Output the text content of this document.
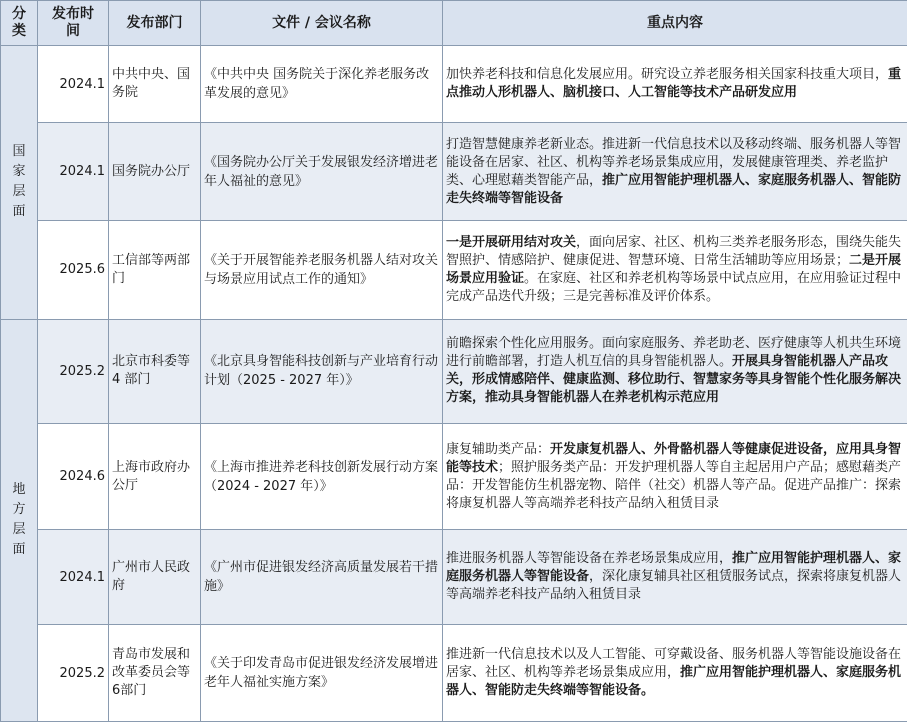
分类	发布时间	发布部门	文件 / 会议名称	重点内容
国家层面	2024.1	中共中央、国务院	《中共中央 国务院关于深化养老服务改革发展的意见》	加快养老科技和信息化发展应用。研究设立养老服务相关国家科技重大项目，重点推动人形机器人、脑机接口、人工智能等技术产品研发应用
	2024.1	国务院办公厅	《国务院办公厅关于发展银发经济增进老年人福祉的意见》	打造智慧健康养老新业态。推进新一代信息技术以及移动终端、服务机器人等智能设备在居家、社区、机构等养老场景集成应用，发展健康管理类、养老监护类、心理慰藉类智能产品，推广应用智能护理机器人、家庭服务机器人、智能防走失终端等智能设备
	2025.6	工信部等两部门	《关于开展智能养老服务机器人结对攻关与场景应用试点工作的通知》	一是开展研用结对攻关，面向居家、社区、机构三类养老服务形态，围绕失能失智照护、情感陪护、健康促进、智慧环境、日常生活辅助等应用场景；二是开展场景应用验证。在家庭、社区和养老机构等场景中试点应用，在应用验证过程中完成产品迭代升级；三是完善标准及评价体系。
地方层面	2025.2	北京市科委等 4 部门	《北京具身智能科技创新与产业培育行动计划（2025 - 2027 年）》	前瞻探索个性化应用服务。面向家庭服务、养老助老、医疗健康等人机共生环境进行前瞻部署，打造人机互信的具身智能机器人。开展具身智能机器人产品攻关，形成情感陪伴、健康监测、移位助行、智慧家务等具身智能个性化服务解决方案，推动具身智能机器人在养老机构示范应用
	2024.6	上海市政府办公厅	《上海市推进养老科技创新发展行动方案（2024 - 2027 年）》	康复辅助类产品：开发康复机器人、外骨骼机器人等健康促进设备，应用具身智能等技术；照护服务类产品：开发护理机器人等自主起居用户产品；感慰藉类产品：开发智能仿生机器宠物、陪伴（社交）机器人等产品。促进产品推广：探索将康复机器人等高端养老科技产品纳入租赁目录
	2024.1	广州市人民政府	《广州市促进银发经济高质量发展若干措施》	推进服务机器人等智能设备在养老场景集成应用，推广应用智能护理机器人、家庭服务机器人等智能设备，深化康复辅具社区租赁服务试点，探索将康复机器人等高端养老科技产品纳入租赁目录
	2025.2	青岛市发展和改革委员会等6部门	《关于印发青岛市促进银发经济发展增进老年人福祉实施方案》	推进新一代信息技术以及人工智能、可穿戴设备、服务机器人等智能设施设备在居家、社区、机构等养老场景集成应用，推广应用智能护理机器人、家庭服务机器人、智能防走失终端等智能设备。
